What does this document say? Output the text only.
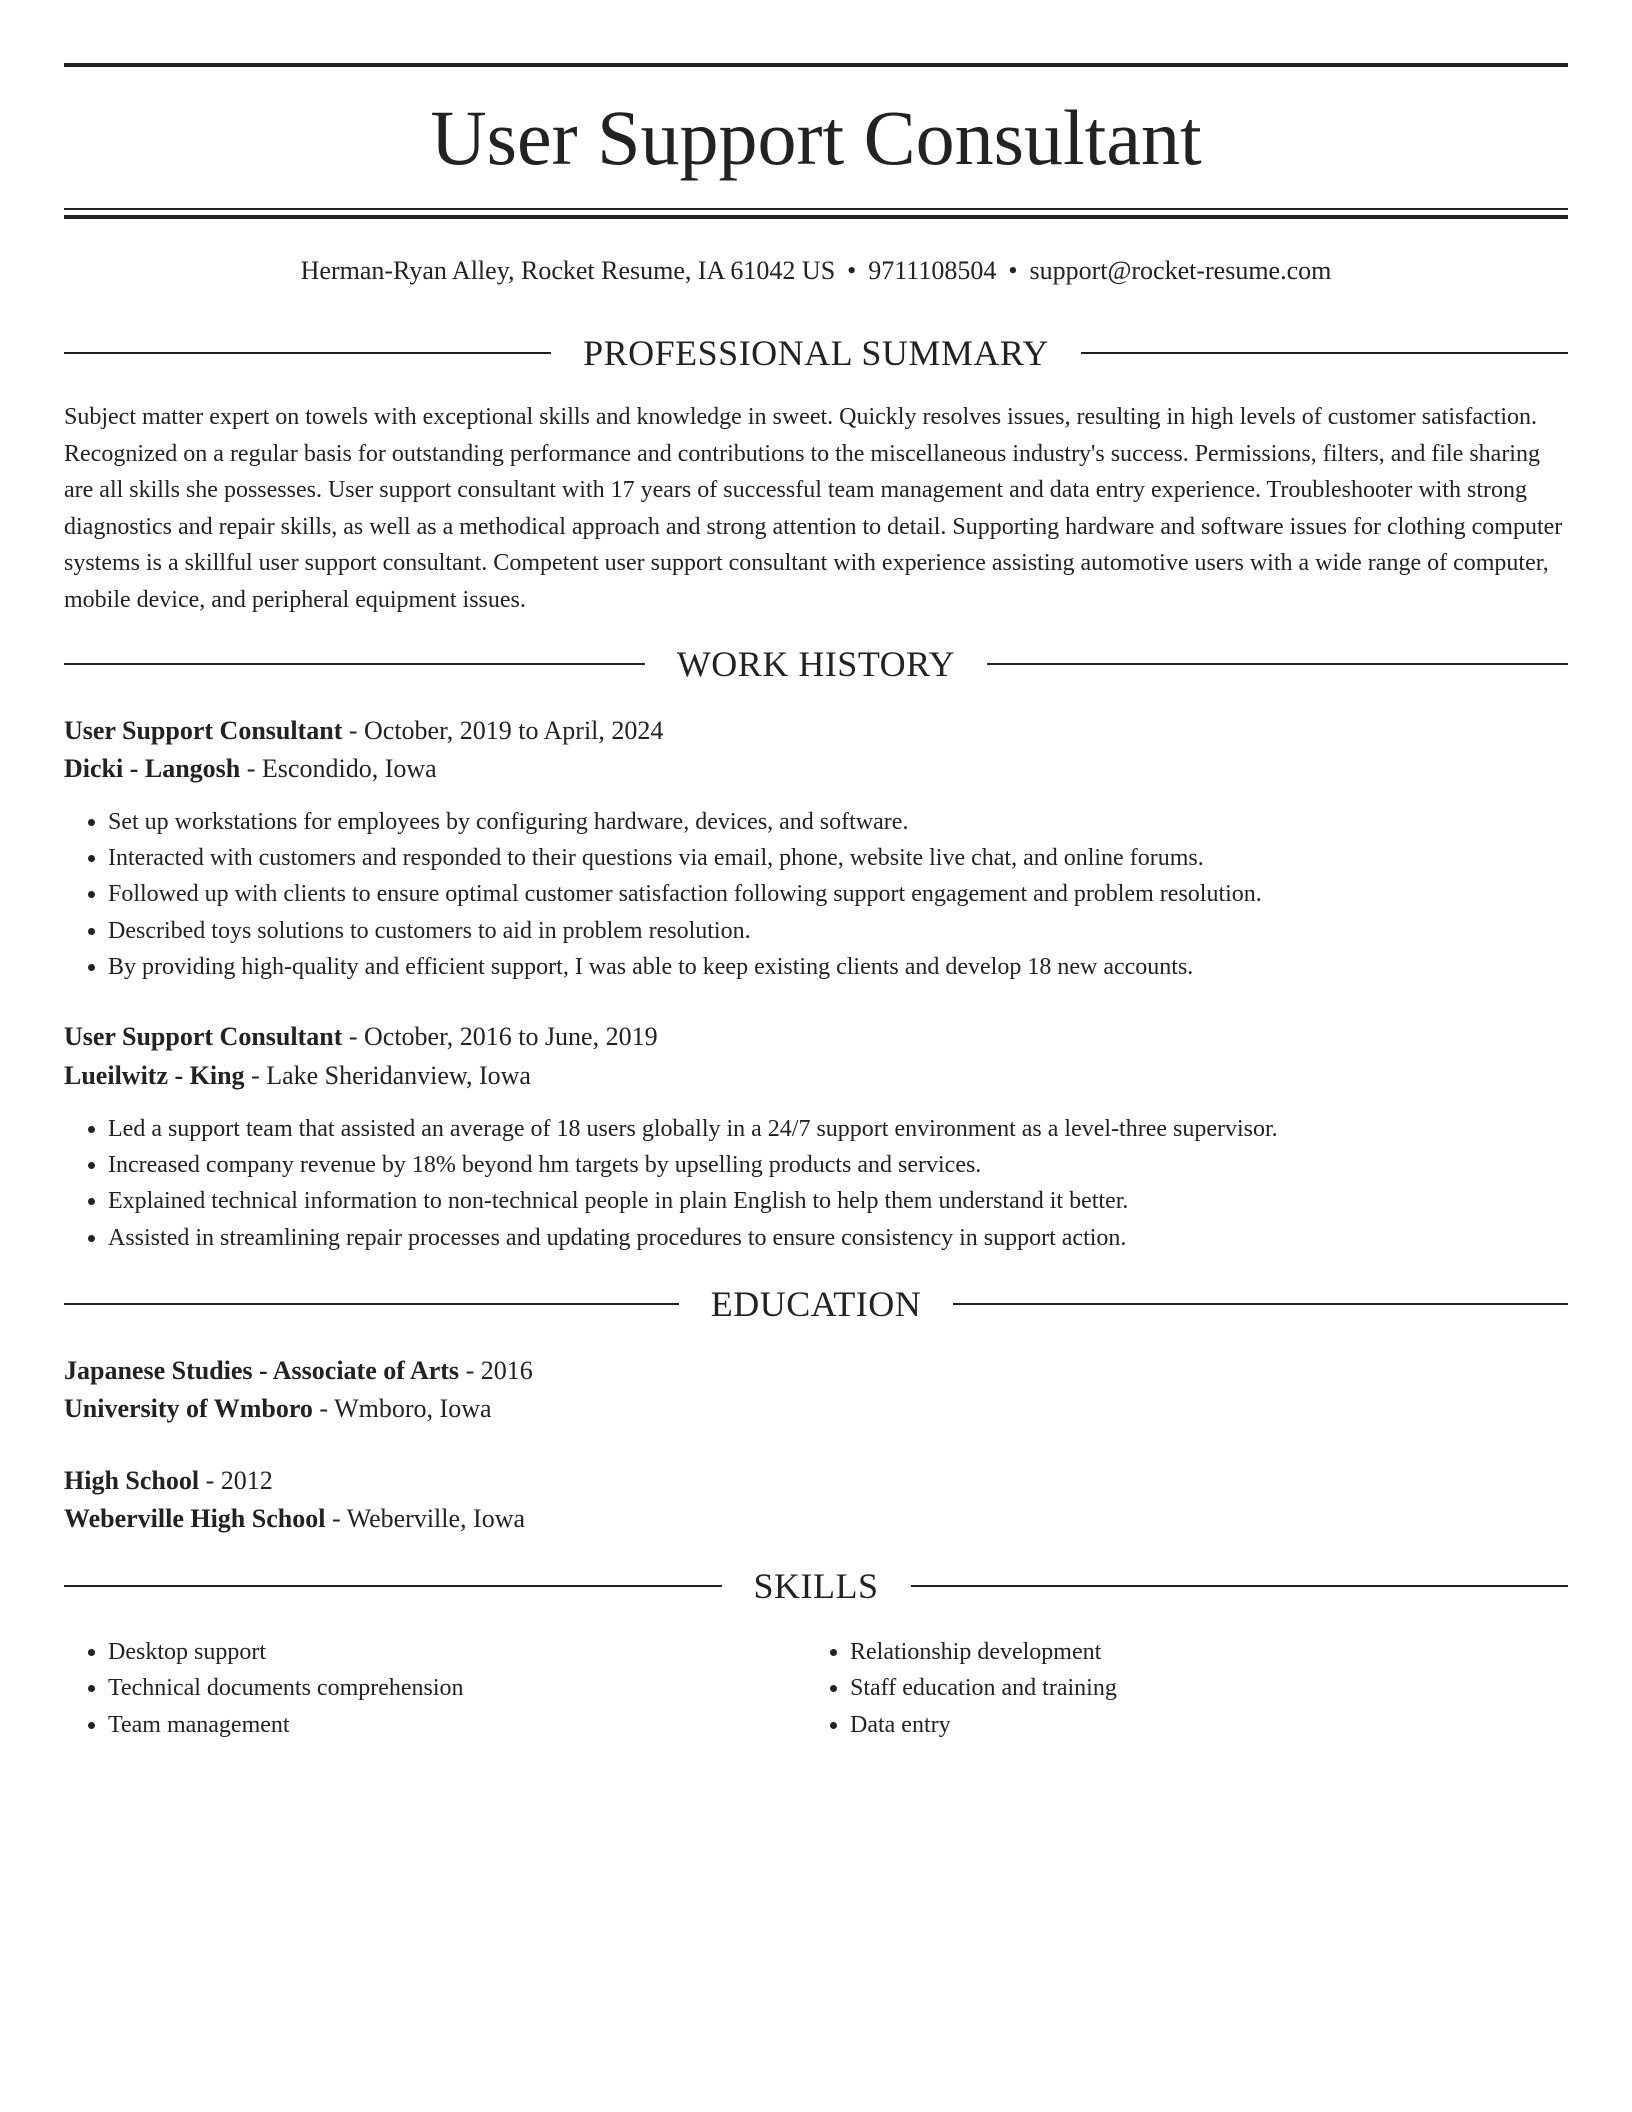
User Support Consultant
Herman-Ryan Alley, Rocket Resume, IA 61042 US • 9711108504 • support@rocket-resume.com
PROFESSIONAL SUMMARY

Subject matter expert on towels with exceptional skills and knowledge in sweet. Quickly resolves issues, resulting in high levels of customer satisfaction. Recognized on a regular basis for outstanding performance and contributions to the miscellaneous industry's success. Permissions, filters, and file sharing are all skills she possesses. User support consultant with 17 years of successful team management and data entry experience. Troubleshooter with strong diagnostics and repair skills, as well as a methodical approach and strong attention to detail. Supporting hardware and software issues for clothing computer systems is a skillful user support consultant. Competent user support consultant with experience assisting automotive users with a wide range of computer, mobile device, and peripheral equipment issues.

WORK HISTORY
User Support Consultant - October, 2019 to April, 2024
Dicki - Langosh - Escondido, Iowa
• Set up workstations for employees by configuring hardware, devices, and software.
• Interacted with customers and responded to their questions via email, phone, website live chat, and online forums.
• Followed up with clients to ensure optimal customer satisfaction following support engagement and problem resolution.
• Described toys solutions to customers to aid in problem resolution.
• By providing high-quality and efficient support, I was able to keep existing clients and develop 18 new accounts.
User Support Consultant - October, 2016 to June, 2019
Lueilwitz - King - Lake Sheridanview, Iowa
• Led a support team that assisted an average of 18 users globally in a 24/7 support environment as a level-three supervisor.
• Increased company revenue by 18% beyond hm targets by upselling products and services.
• Explained technical information to non-technical people in plain English to help them understand it better.
• Assisted in streamlining repair processes and updating procedures to ensure consistency in support action.
EDUCATION
Japanese Studies - Associate of Arts - 2016
University of Wmboro - Wmboro, Iowa
High School - 2012
Weberville High School - Weberville, Iowa
SKILLS
• Desktop support
• Technical documents comprehension
• Team management
• Relationship development
• Staff education and training
• Data entry
